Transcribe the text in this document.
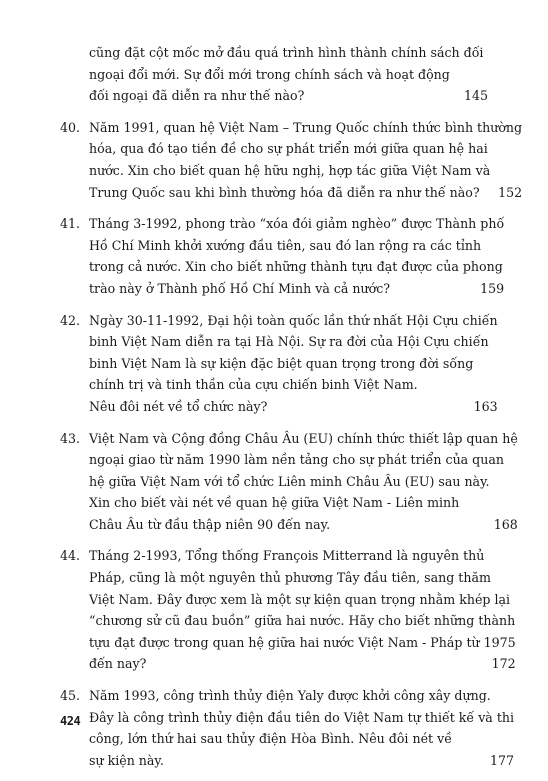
cũng đặt cột mốc mở đầu quá trình hình thành chính sách đối
ngoại đổi mới. Sự đổi mới trong chính sách và hoạt động
đối ngoại đã diễn ra như thế nào?	145
40. Năm 1991, quan hệ Việt Nam – Trung Quốc chính thức bình thường
hóa, qua đó tạo tiền đề cho sự phát triển mới giữa quan hệ hai
nước. Xin cho biết quan hệ hữu nghị, hợp tác giữa Việt Nam và
Trung Quốc sau khi bình thường hóa đã diễn ra như thế nào?	152
41. Tháng 3-1992, phong trào “xóa đói giảm nghèo” được Thành phố
Hồ Chí Minh khởi xướng đầu tiên, sau đó lan rộng ra các tỉnh
trong cả nước. Xin cho biết những thành tựu đạt được của phong
trào này ở Thành phố Hồ Chí Minh và cả nước?	159
42. Ngày 30-11-1992, Đại hội toàn quốc lần thứ nhất Hội Cựu chiến
binh Việt Nam diễn ra tại Hà Nội. Sự ra đời của Hội Cựu chiến
binh Việt Nam là sự kiện đặc biệt quan trọng trong đời sống
chính trị và tinh thần của cựu chiến binh Việt Nam.
Nêu đôi nét về tổ chức này?	163
43. Việt Nam và Cộng đồng Châu Âu (EU) chính thức thiết lập quan hệ
ngoại giao từ năm 1990 làm nền tảng cho sự phát triển của quan
hệ giữa Việt Nam với tổ chức Liên minh Châu Âu (EU) sau này.
Xin cho biết vài nét về quan hệ giữa Việt Nam - Liên minh
Châu Âu từ đầu thập niên 90 đến nay.	168
44. Tháng 2-1993, Tổng thống François Mitterrand là nguyên thủ
Pháp, cũng là một nguyên thủ phương Tây đầu tiên, sang thăm
Việt Nam. Đây được xem là một sự kiện quan trọng nhằm khép lại
“chương sử cũ đau buồn” giữa hai nước. Hãy cho biết những thành
tựu đạt được trong quan hệ giữa hai nước Việt Nam - Pháp từ 1975
đến nay?	172
45. Năm 1993, công trình thủy điện Yaly được khởi công xây dựng.
Đây là công trình thủy điện đầu tiên do Việt Nam tự thiết kế và thi
công, lớn thứ hai sau thủy điện Hòa Bình. Nêu đôi nét về
sự kiện này.	177
424
